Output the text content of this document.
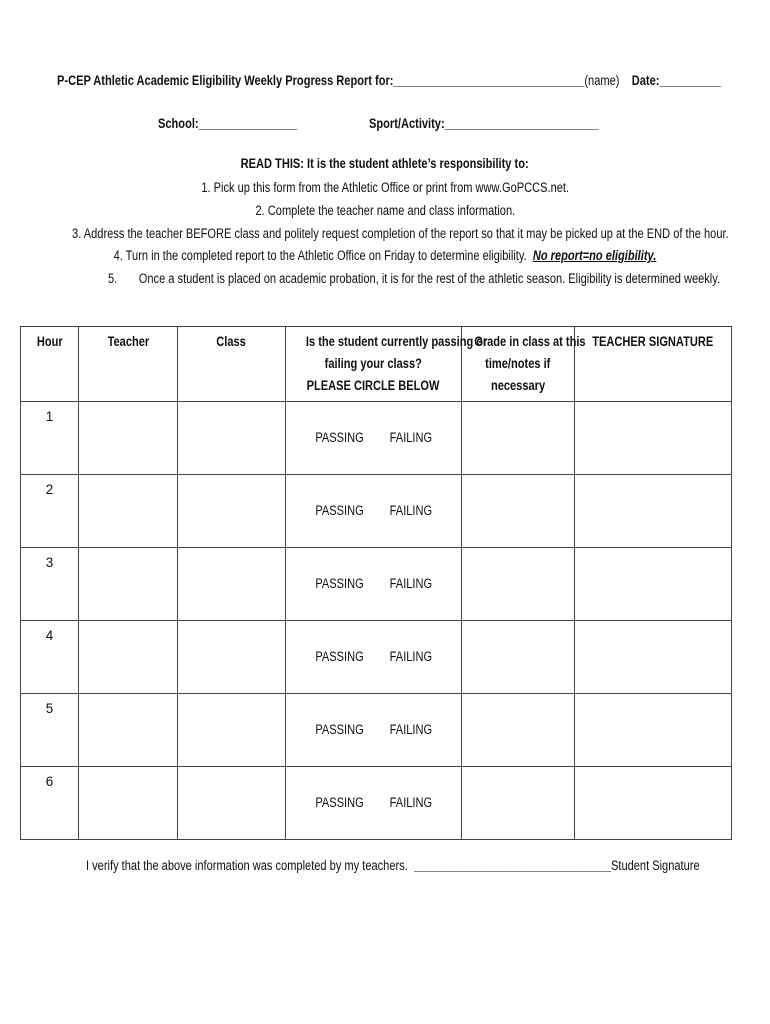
P-CEP Athletic Academic Eligibility Weekly Progress Report for:_______________________________(name) Date:__________
School:________________	Sport/Activity:_________________________
READ THIS: It is the student athlete’s responsibility to:
1. Pick up this form from the Athletic Office or print from www.GoPCCS.net.
2. Complete the teacher name and class information.
3. Address the teacher BEFORE class and politely request completion of the report so that it may be picked up at the END of the hour.
4. Turn in the completed report to the Athletic Office on Friday to determine eligibility. No report=no eligibility.
5. Once a student is placed on academic probation, it is for the rest of the athletic season. Eligibility is determined weekly.
Hour	Teacher	Class	Is the student currently passing or
failing your class?
PLEASE CIRCLE BELOW	Grade in class at this
time/notes if
necessary	TEACHER SIGNATURE
1			PASSING FAILING		
2			PASSING FAILING		
3			PASSING FAILING		
4			PASSING FAILING		
5			PASSING FAILING		
6			PASSING FAILING		
I verify that the above information was completed by my teachers. ________________________________Student Signature
